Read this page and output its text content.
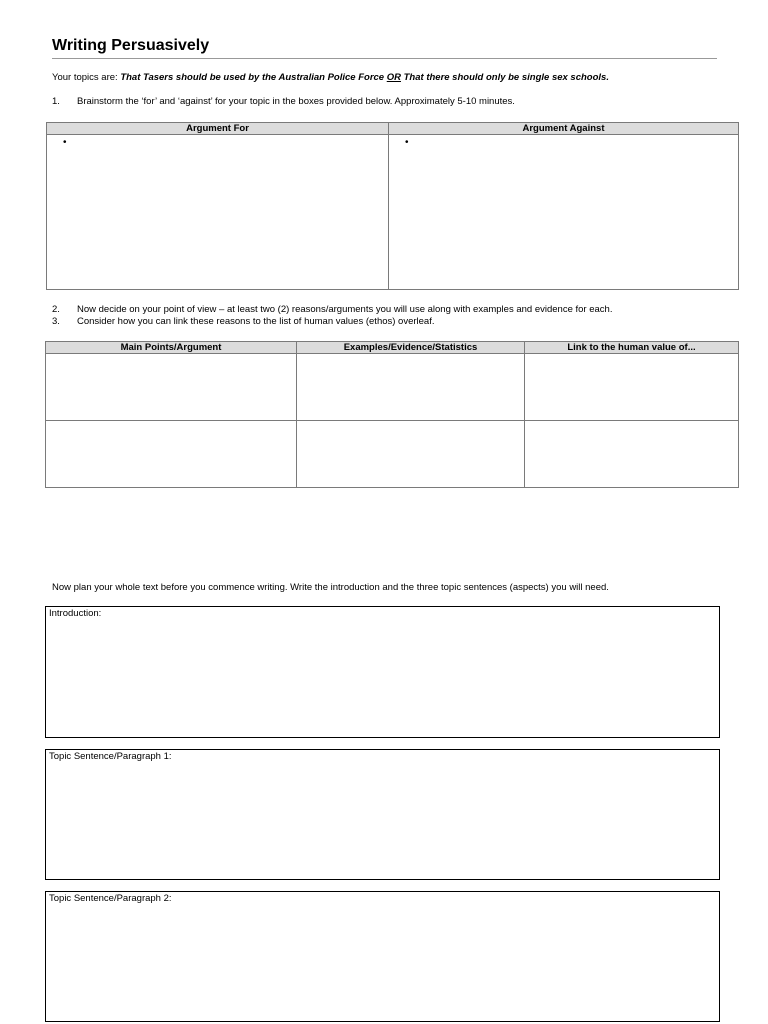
Writing Persuasively
Your topics are: That Tasers should be used by the Australian Police Force OR That there should only be single sex schools.
1. Brainstorm the ‘for’ and ‘against’ for your topic in the boxes provided below. Approximately 5-10 minutes.
Argument For	Argument Against

•	•
2. Now decide on your point of view – at least two (2) reasons/arguments you will use along with examples and evidence for each.
3. Consider how you can link these reasons to the list of human values (ethos) overleaf.
Main Points/Argument	Examples/Evidence/Statistics	Link to the human value of...

Now plan your whole text before you commence writing. Write the introduction and the three topic sentences (aspects) you will need.
Introduction:
Topic Sentence/Paragraph 1:
Topic Sentence/Paragraph 2:
